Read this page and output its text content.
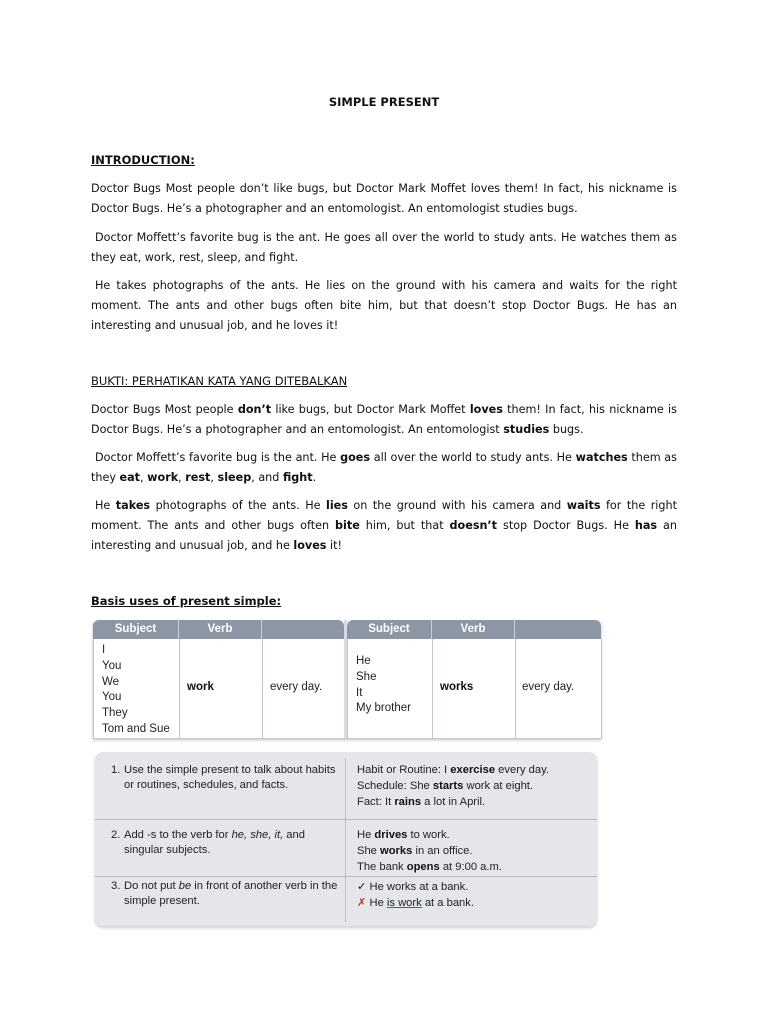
SIMPLE PRESENT
INTRODUCTION:

Doctor Bugs Most people don’t like bugs, but Doctor Mark Moffet loves them! In fact, his nickname is Doctor Bugs. He’s a photographer and an entomologist. An entomologist studies bugs.

Doctor Moffett’s favorite bug is the ant. He goes all over the world to study ants. He watches them as they eat, work, rest, sleep, and fight.

He takes photographs of the ants. He lies on the ground with his camera and waits for the right moment. The ants and other bugs often bite him, but that doesn’t stop Doctor Bugs. He has an interesting and unusual job, and he loves it!

BUKTI: PERHATIKAN KATA YANG DITEBALKAN

Doctor Bugs Most people don’t like bugs, but Doctor Mark Moffet loves them! In fact, his nickname is Doctor Bugs. He’s a photographer and an entomologist. An entomologist studies bugs.

Doctor Moffett’s favorite bug is the ant. He goes all over the world to study ants. He watches them as they eat, work, rest, sleep, and fight.

He takes photographs of the ants. He lies on the ground with his camera and waits for the right moment. The ants and other bugs often bite him, but that doesn’t stop Doctor Bugs. He has an interesting and unusual job, and he loves it!

Basis uses of present simple:
Subject	Verb
I
You
We
You
They
Tom and Sue
work	every day.
Subject	Verb
He
She
It
My brother
works	every day.
1. Use the simple present to talk about habits or routines, schedules, and facts.
Habit or Routine: I exercise every day.
Schedule: She starts work at eight.
Fact: It rains a lot in April.
2. Add -s to the verb for he, she, it, and singular subjects.
He drives to work.
She works in an office.
The bank opens at 9:00 a.m.
3. Do not put be in front of another verb in the simple present.
✓ He works at a bank.
✗ He is work at a bank.
